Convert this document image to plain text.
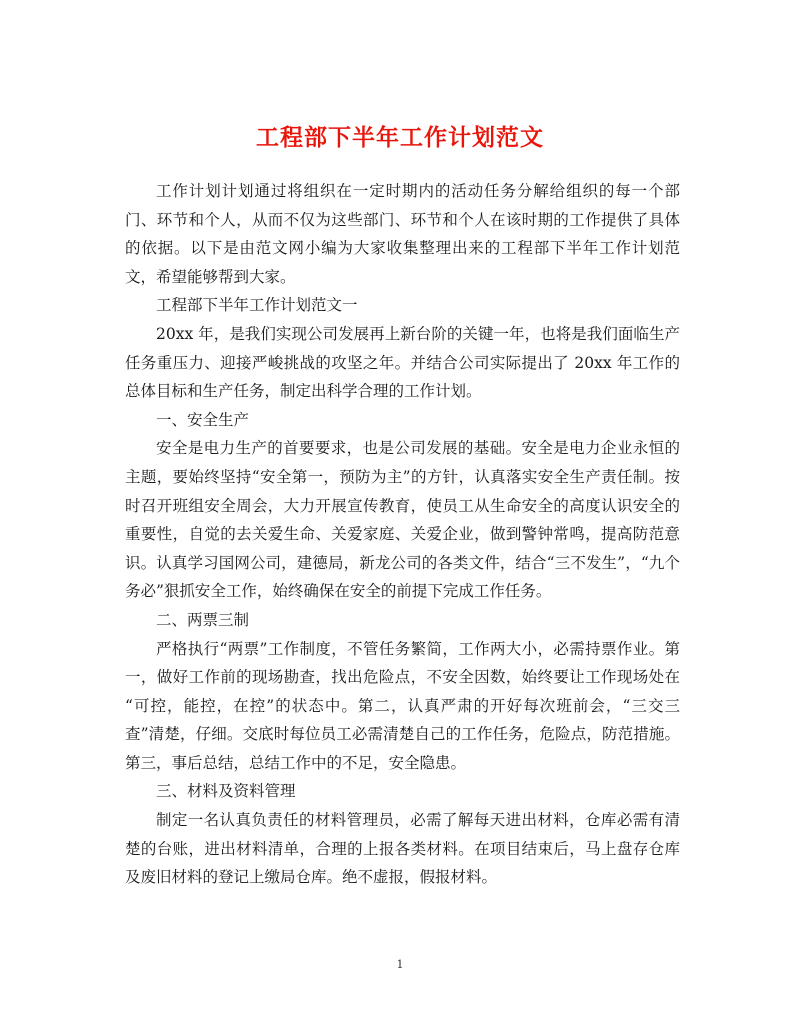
工程部下半年工作计划范文

工作计划计划通过将组织在一定时期内的活动任务分解给组织的每一个部门、环节和个人，从而不仅为这些部门、环节和个人在该时期的工作提供了具体的依据。以下是由范文网小编为大家收集整理出来的工程部下半年工作计划范文，希望能够帮到大家。

工程部下半年工作计划范文一

20xx 年，是我们实现公司发展再上新台阶的关键一年，也将是我们面临生产任务重压力、迎接严峻挑战的攻坚之年。并结合公司实际提出了 20xx 年工作的总体目标和生产任务，制定出科学合理的工作计划。

一、安全生产

安全是电力生产的首要要求，也是公司发展的基础。安全是电力企业永恒的主题，要始终坚持“安全第一，预防为主”的方针，认真落实安全生产责任制。按时召开班组安全周会，大力开展宣传教育，使员工从生命安全的高度认识安全的重要性，自觉的去关爱生命、关爱家庭、关爱企业，做到警钟常鸣，提高防范意识。认真学习国网公司，建德局，新龙公司的各类文件，结合“三不发生”，“九个务必”狠抓安全工作，始终确保在安全的前提下完成工作任务。

二、两票三制

严格执行“两票”工作制度，不管任务繁简，工作两大小，必需持票作业。第一，做好工作前的现场勘查，找出危险点，不安全因数，始终要让工作现场处在 “可控，能控，在控”的状态中。第二，认真严肃的开好每次班前会，“三交三查”清楚，仔细。交底时每位员工必需清楚自己的工作任务，危险点，防范措施。第三，事后总结，总结工作中的不足，安全隐患。

三、材料及资料管理

制定一名认真负责任的材料管理员，必需了解每天进出材料，仓库必需有清楚的台账，进出材料清单，合理的上报各类材料。在项目结束后，马上盘存仓库及废旧材料的登记上缴局仓库。绝不虚报，假报材料。

1
